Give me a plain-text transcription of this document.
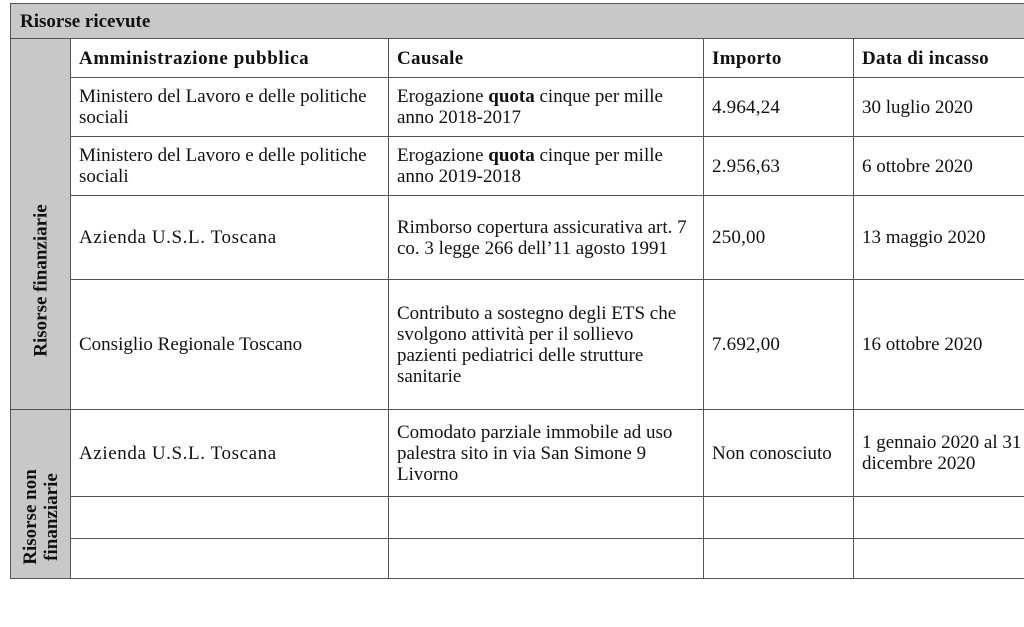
Risorse ricevute				

Risorse finanziarie	Amministrazione pubblica	Causale	Importo	Data di incasso
	Ministero del Lavoro e delle politiche sociali	Erogazione quota cinque per mille anno 2018-2017	4.964,24	30 luglio 2020
	Ministero del Lavoro e delle politiche sociali	Erogazione quota cinque per mille anno 2019-2018	2.956,63	6 ottobre 2020
	Azienda U.S.L. Toscana	Rimborso copertura assicurativa art. 7 co. 3 legge 266 dell’11 agosto 1991	250,00	13 maggio 2020
	Consiglio Regionale Toscano	Contributo a sostegno degli ETS che svolgono attività per il sollievo pazienti pediatrici delle strutture sanitarie	7.692,00	16 ottobre 2020

Risorse non finanziarie	Azienda U.S.L. Toscana	Comodato parziale immobile ad uso palestra sito in via San Simone 9 Livorno	Non conosciuto	1 gennaio 2020 al 31 dicembre 2020
